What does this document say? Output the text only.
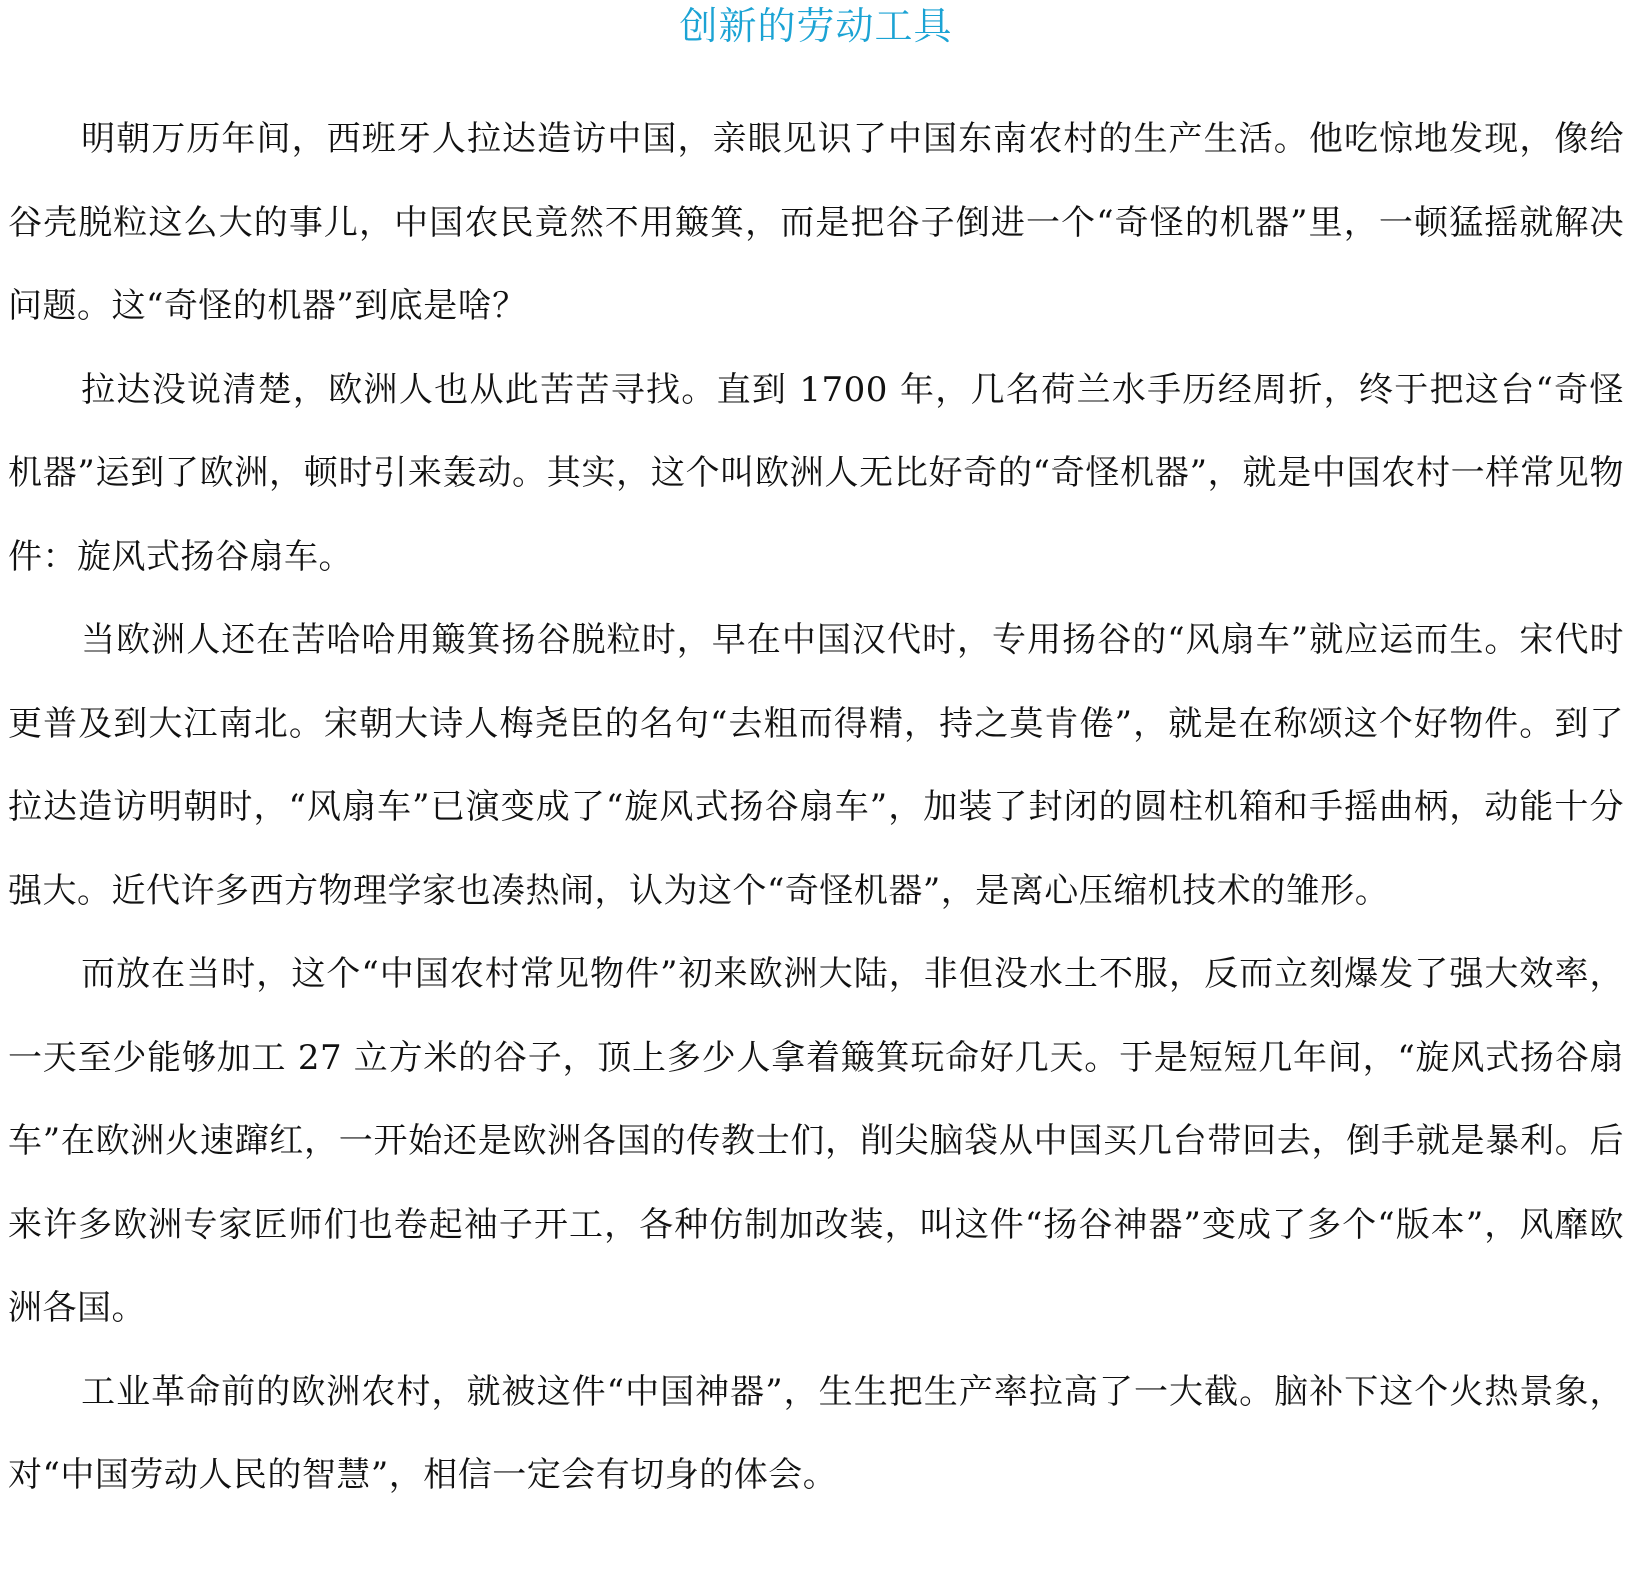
创新的劳动工具

明朝万历年间，西班牙人拉达造访中国，亲眼见识了中国东南农村的生产生活。他吃惊地发现，像给谷壳脱粒这么大的事儿，中国农民竟然不用簸箕，而是把谷子倒进一个“奇怪的机器”里，一顿猛摇就解决问题。这“奇怪的机器”到底是啥？

拉达没说清楚，欧洲人也从此苦苦寻找。直到 1700 年，几名荷兰水手历经周折，终于把这台“奇怪机器”运到了欧洲，顿时引来轰动。其实，这个叫欧洲人无比好奇的“奇怪机器”，就是中国农村一样常见物件：旋风式扬谷扇车。

当欧洲人还在苦哈哈用簸箕扬谷脱粒时，早在中国汉代时，专用扬谷的“风扇车”就应运而生。宋代时更普及到大江南北。宋朝大诗人梅尧臣的名句“去粗而得精，持之莫肯倦”，就是在称颂这个好物件。到了拉达造访明朝时，“风扇车”已演变成了“旋风式扬谷扇车”，加装了封闭的圆柱机箱和手摇曲柄，动能十分强大。近代许多西方物理学家也凑热闹，认为这个“奇怪机器”，是离心压缩机技术的雏形。

而放在当时，这个“中国农村常见物件”初来欧洲大陆，非但没水土不服，反而立刻爆发了强大效率，一天至少能够加工 27 立方米的谷子，顶上多少人拿着簸箕玩命好几天。于是短短几年间，“旋风式扬谷扇车”在欧洲火速蹿红，一开始还是欧洲各国的传教士们，削尖脑袋从中国买几台带回去，倒手就是暴利。后来许多欧洲专家匠师们也卷起袖子开工，各种仿制加改装，叫这件“扬谷神器”变成了多个“版本”，风靡欧洲各国。

工业革命前的欧洲农村，就被这件“中国神器”，生生把生产率拉高了一大截。脑补下这个火热景象，对“中国劳动人民的智慧”，相信一定会有切身的体会。
